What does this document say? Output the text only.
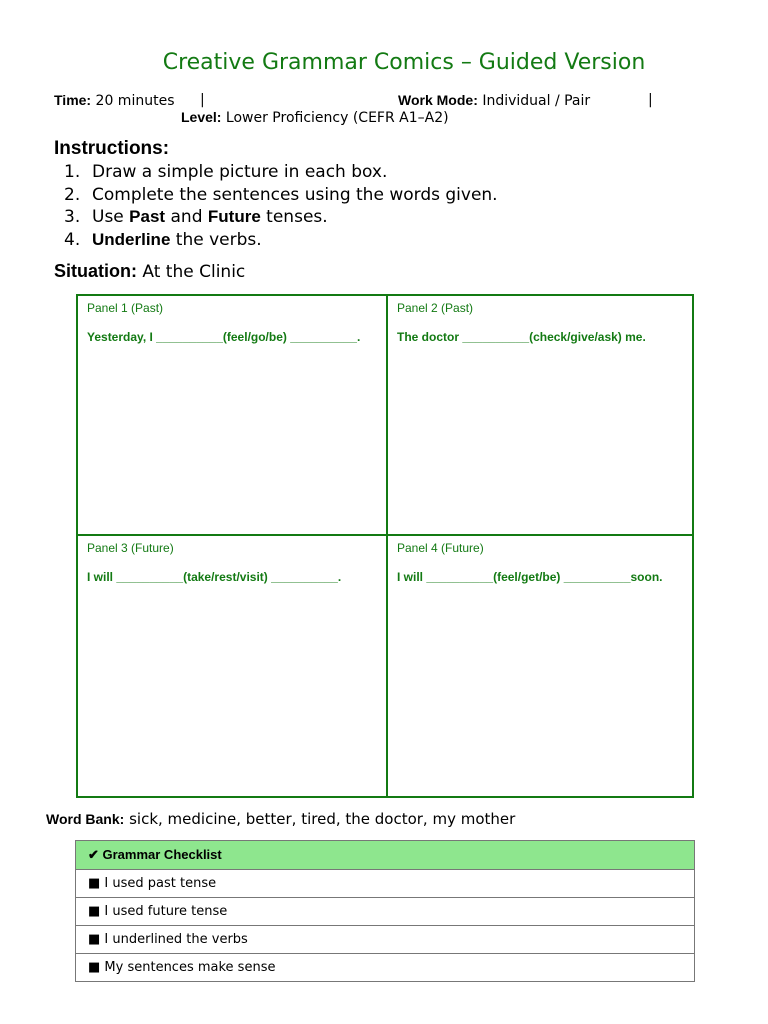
Creative Grammar Comics – Guided Version
Time: 20 minutes |	Work Mode: Individual / Pair	|
Level: Lower Proficiency (CEFR A1–A2)
Instructions:
1. Draw a simple picture in each box.
2. Complete the sentences using the words given.
3. Use Past and Future tenses.
4. Underline the verbs.
Situation: At the Clinic
Panel 1 (Past)
Yesterday, I __________(feel/go/be) __________.
Panel 2 (Past)
The doctor __________(check/give/ask) me.
Panel 3 (Future)
I will __________(take/rest/visit) __________.
Panel 4 (Future)
I will __________(feel/get/be) __________soon.
Word Bank: sick, medicine, better, tired, the doctor, my mother
✔ Grammar Checklist
■ I used past tense
■ I used future tense
■ I underlined the verbs
■ My sentences make sense
